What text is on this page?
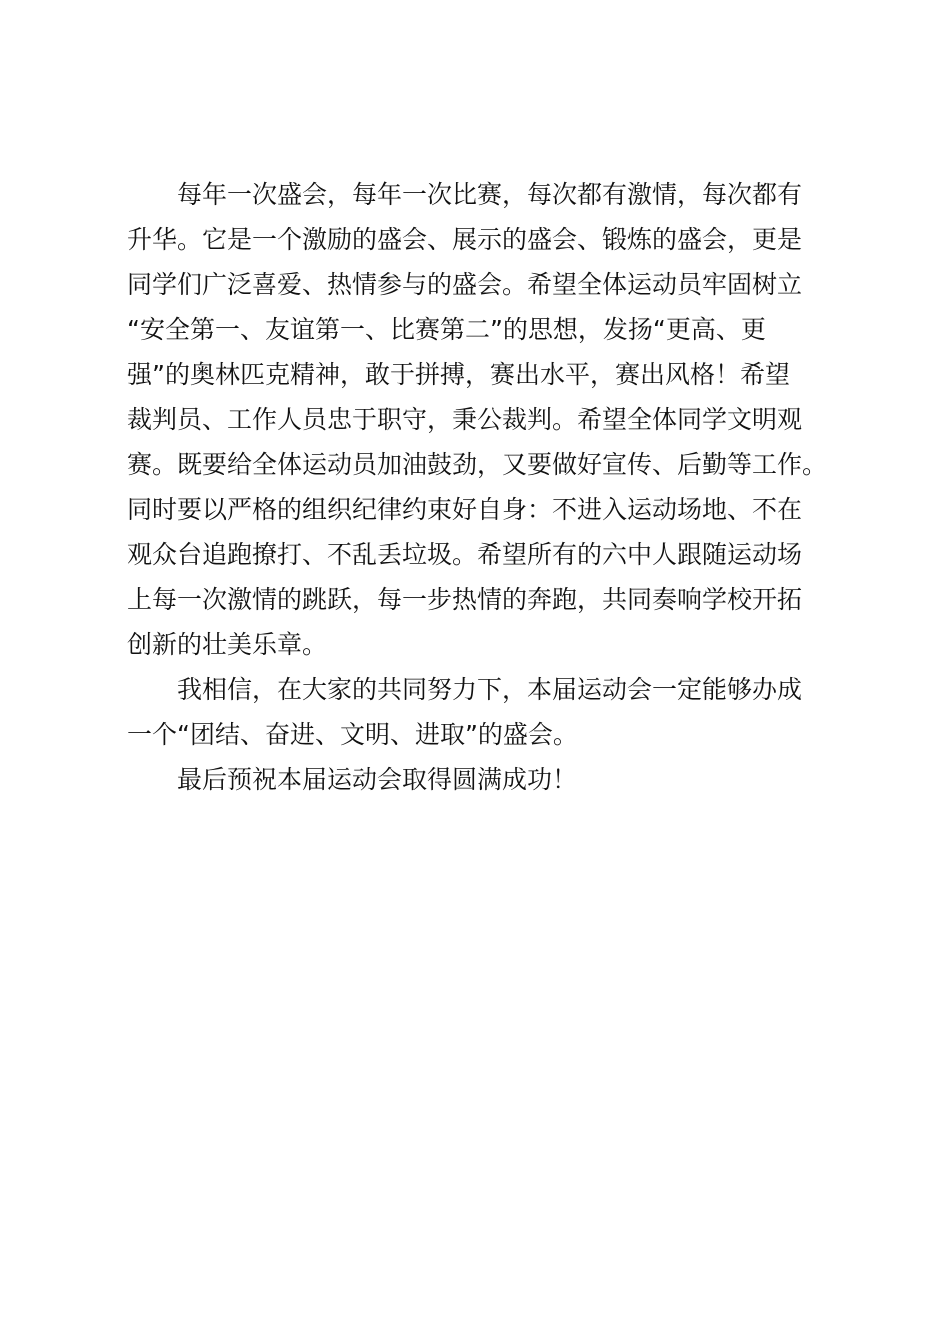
每年一次盛会，每年一次比赛，每次都有激情，每次都有
升华。它是一个激励的盛会、展示的盛会、锻炼的盛会，更是
同学们广泛喜爱、热情参与的盛会。希望全体运动员牢固树立
“安全第一、友谊第一、比赛第二”的思想，发扬“更高、更
强”的奥林匹克精神，敢于拼搏，赛出水平，赛出风格！希望
裁判员、工作人员忠于职守，秉公裁判。希望全体同学文明观
赛。既要给全体运动员加油鼓劲，又要做好宣传、后勤等工作。
同时要以严格的组织纪律约束好自身：不进入运动场地、不在
观众台追跑撩打、不乱丢垃圾。希望所有的六中人跟随运动场
上每一次激情的跳跃，每一步热情的奔跑，共同奏响学校开拓
创新的壮美乐章。
我相信，在大家的共同努力下，本届运动会一定能够办成
一个“团结、奋进、文明、进取”的盛会。
最后预祝本届运动会取得圆满成功！
